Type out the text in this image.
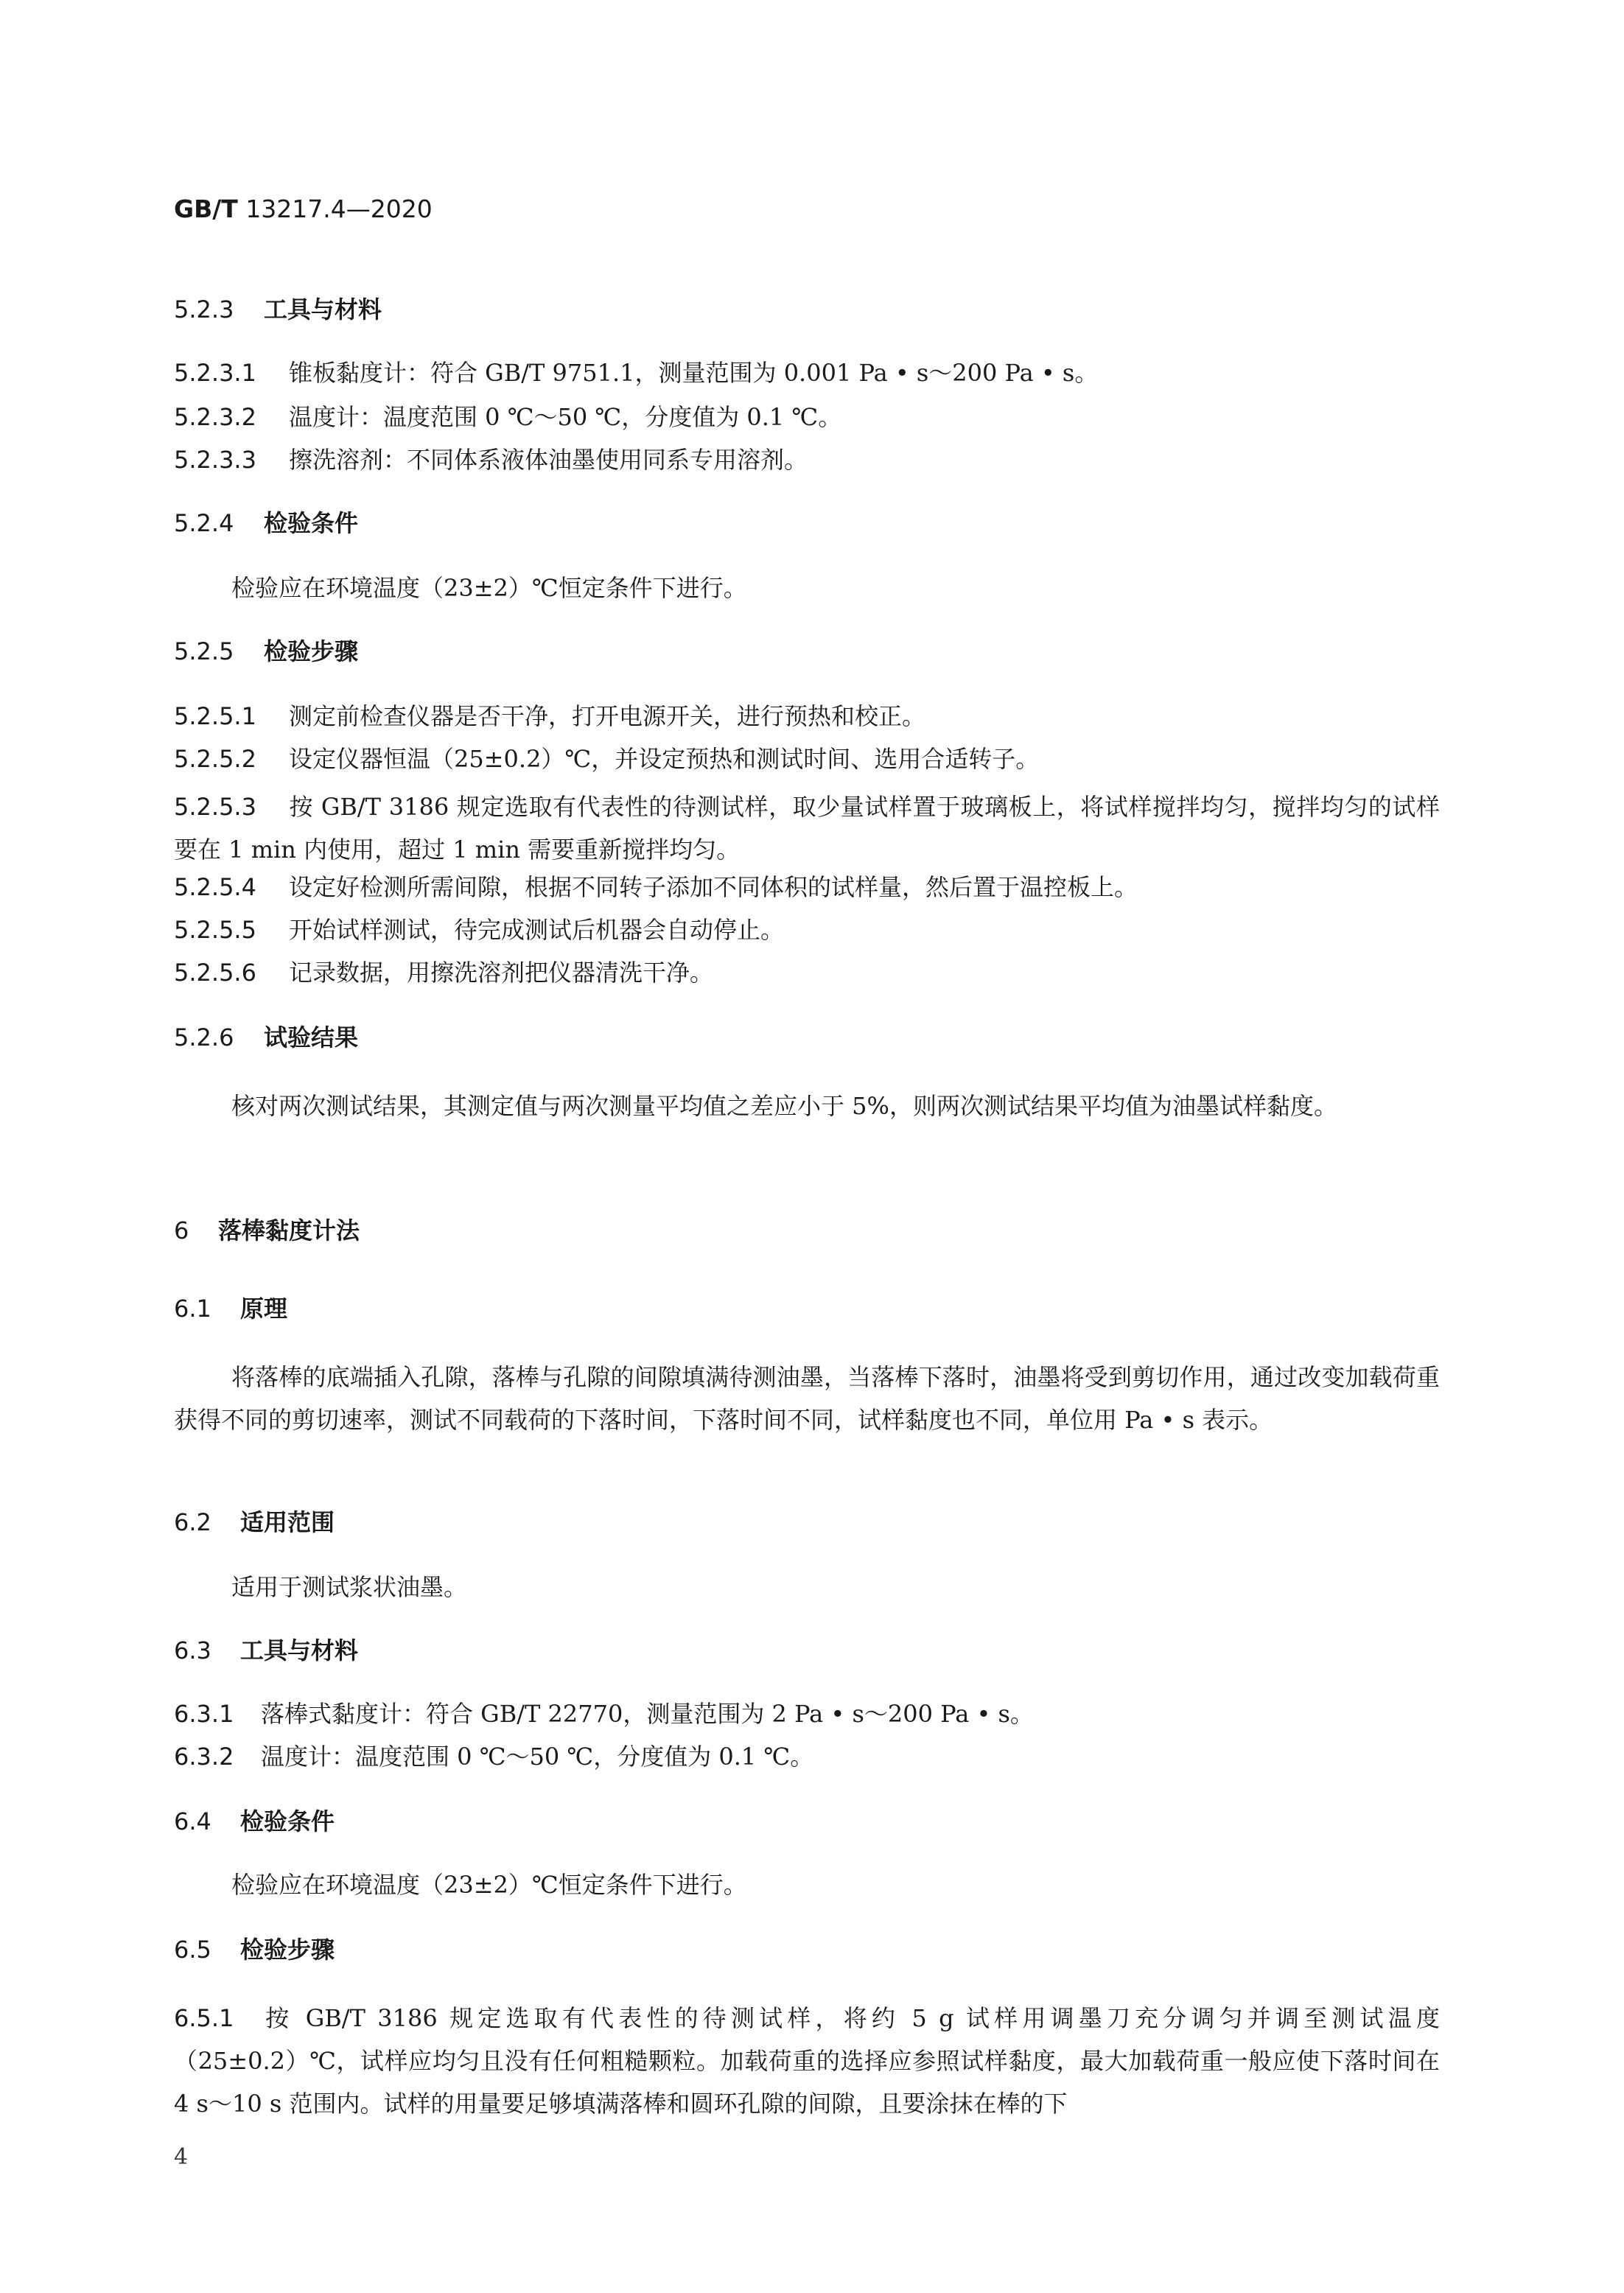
GB/T 13217.4—2020
5.2.3 工具与材料
5.2.3.1 锥板黏度计：符合 GB/T 9751.1，测量范围为 0.001 Pa • s～200 Pa • s。
5.2.3.2 温度计：温度范围 0 ℃～50 ℃，分度值为 0.1 ℃。
5.2.3.3 擦洗溶剂：不同体系液体油墨使用同系专用溶剂。
5.2.4 检验条件
检验应在环境温度（23±2）℃恒定条件下进行。
5.2.5 检验步骤
5.2.5.1 测定前检查仪器是否干净，打开电源开关，进行预热和校正。
5.2.5.2 设定仪器恒温（25±0.2）℃，并设定预热和测试时间、选用合适转子。
5.2.5.3 按 GB/T 3186 规定选取有代表性的待测试样，取少量试样置于玻璃板上，将试样搅拌均匀，搅拌均匀的试样要在 1 min 内使用，超过 1 min 需要重新搅拌均匀。
5.2.5.4 设定好检测所需间隙，根据不同转子添加不同体积的试样量，然后置于温控板上。
5.2.5.5 开始试样测试，待完成测试后机器会自动停止。
5.2.5.6 记录数据，用擦洗溶剂把仪器清洗干净。
5.2.6 试验结果
核对两次测试结果，其测定值与两次测量平均值之差应小于 5%，则两次测试结果平均值为油墨试样黏度。
6 落棒黏度计法
6.1 原理
将落棒的底端插入孔隙，落棒与孔隙的间隙填满待测油墨，当落棒下落时，油墨将受到剪切作用，通过改变加载荷重获得不同的剪切速率，测试不同载荷的下落时间，下落时间不同，试样黏度也不同，单位用 Pa • s 表示。
6.2 适用范围
适用于测试浆状油墨。
6.3 工具与材料
6.3.1 落棒式黏度计：符合 GB/T 22770，测量范围为 2 Pa • s～200 Pa • s。
6.3.2 温度计：温度范围 0 ℃～50 ℃，分度值为 0.1 ℃。
6.4 检验条件
检验应在环境温度（23±2）℃恒定条件下进行。
6.5 检验步骤
6.5.1 按 GB/T 3186 规定选取有代表性的待测试样，将约 5 g 试样用调墨刀充分调匀并调至测试温度（25±0.2）℃，试样应均匀且没有任何粗糙颗粒。加载荷重的选择应参照试样黏度，最大加载荷重一般应使下落时间在 4 s～10 s 范围内。试样的用量要足够填满落棒和圆环孔隙的间隙，且要涂抹在棒的下
4
